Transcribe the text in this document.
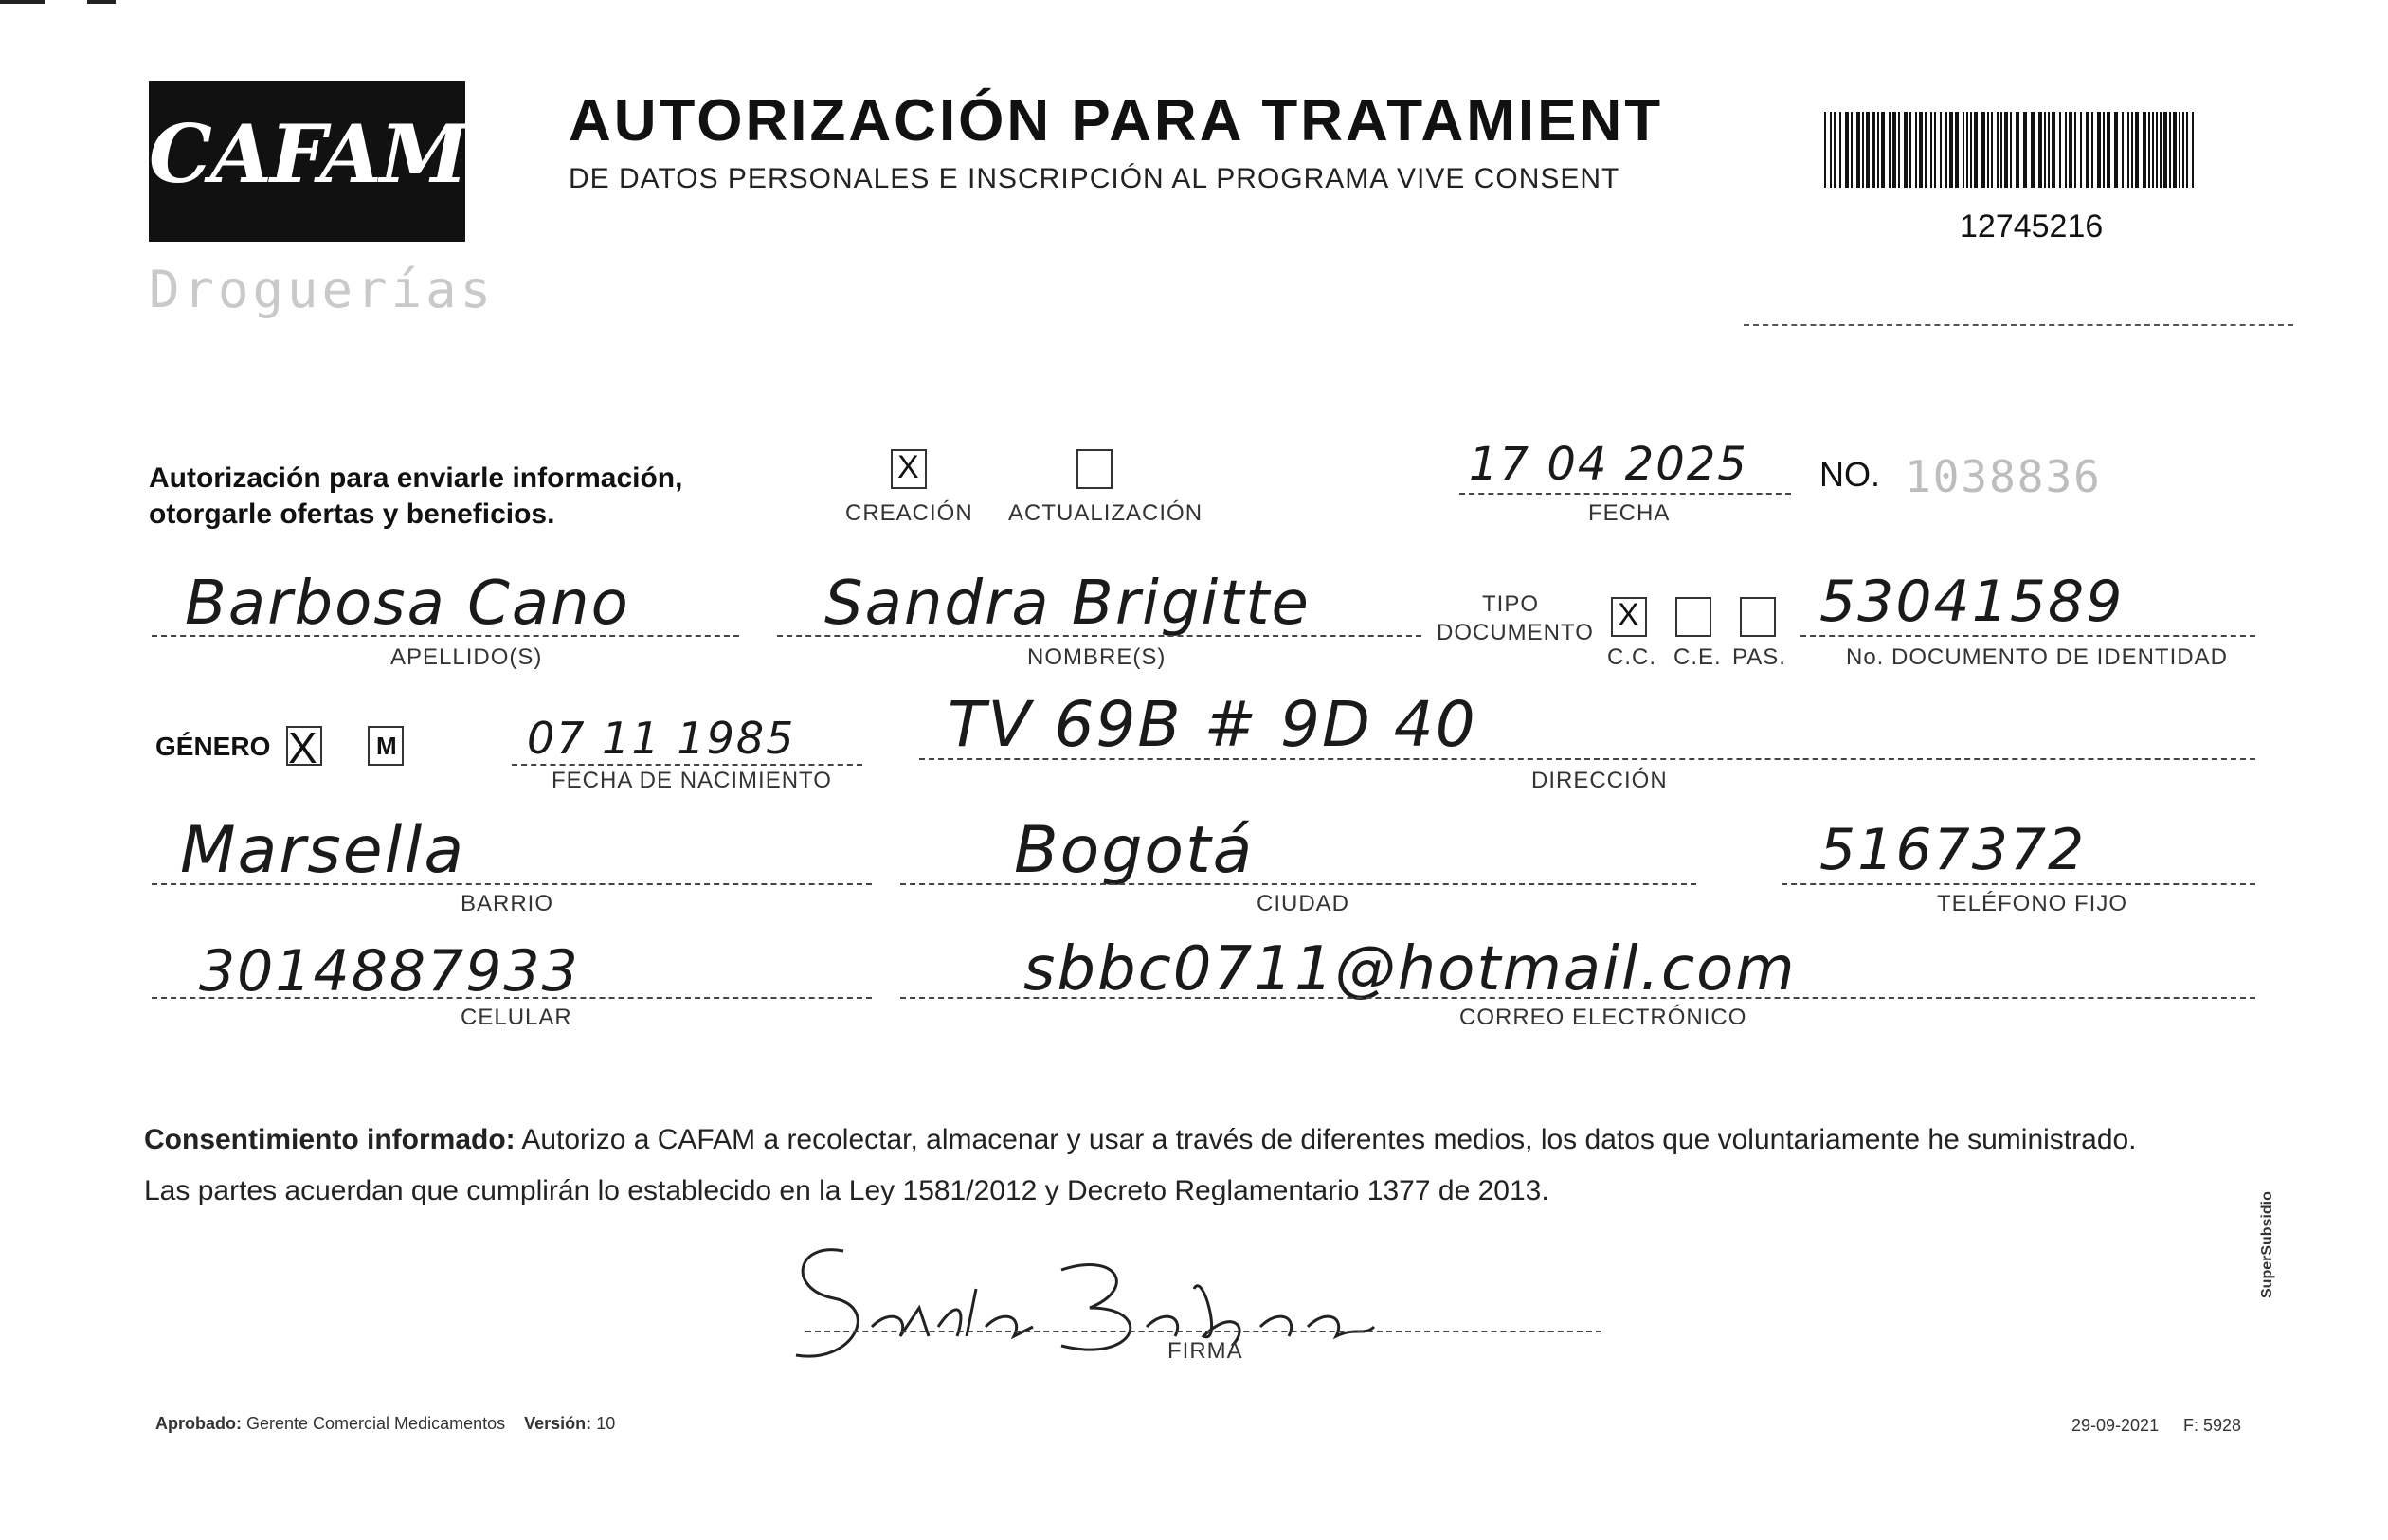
CAFAM
Droguerías
AUTORIZACIÓN PARA TRATAMIENT
DE DATOS PERSONALES E INSCRIPCIÓN AL PROGRAMA VIVE CONSENT
12745216
Autorización para enviarle información,
otorgarle ofertas y beneficios.
X
CREACIÓN ACTUALIZACIÓN
17 04 2025
FECHA
NO. 1038836
Barbosa Cano
APELLIDO(S)
Sandra Brigitte
NOMBRE(S)
TIPO
DOCUMENTO X
C.C. C.E. PAS.
53041589
No. DOCUMENTO DE IDENTIDAD
GÉNERO X M	07 11 1985
FECHA DE NACIMIENTO
TV 69B # 9D 40
DIRECCIÓN
Marsella
BARRIO
Bogotá
CIUDAD
5167372
TELÉFONO FIJO
3014887933
CELULAR
sbbc0711@hotmail.com
CORREO ELECTRÓNICO
Consentimiento informado: Autorizo a CAFAM a recolectar, almacenar y usar a través de diferentes medios, los datos que voluntariamente he suministrado.
Las partes acuerdan que cumplirán lo establecido en la Ley 1581/2012 y Decreto Reglamentario 1377 de 2013.
FIRMA
Aprobado: Gerente Comercial Medicamentos Versión: 10	29-09-2021 F: 5928
SuperSubsidio
